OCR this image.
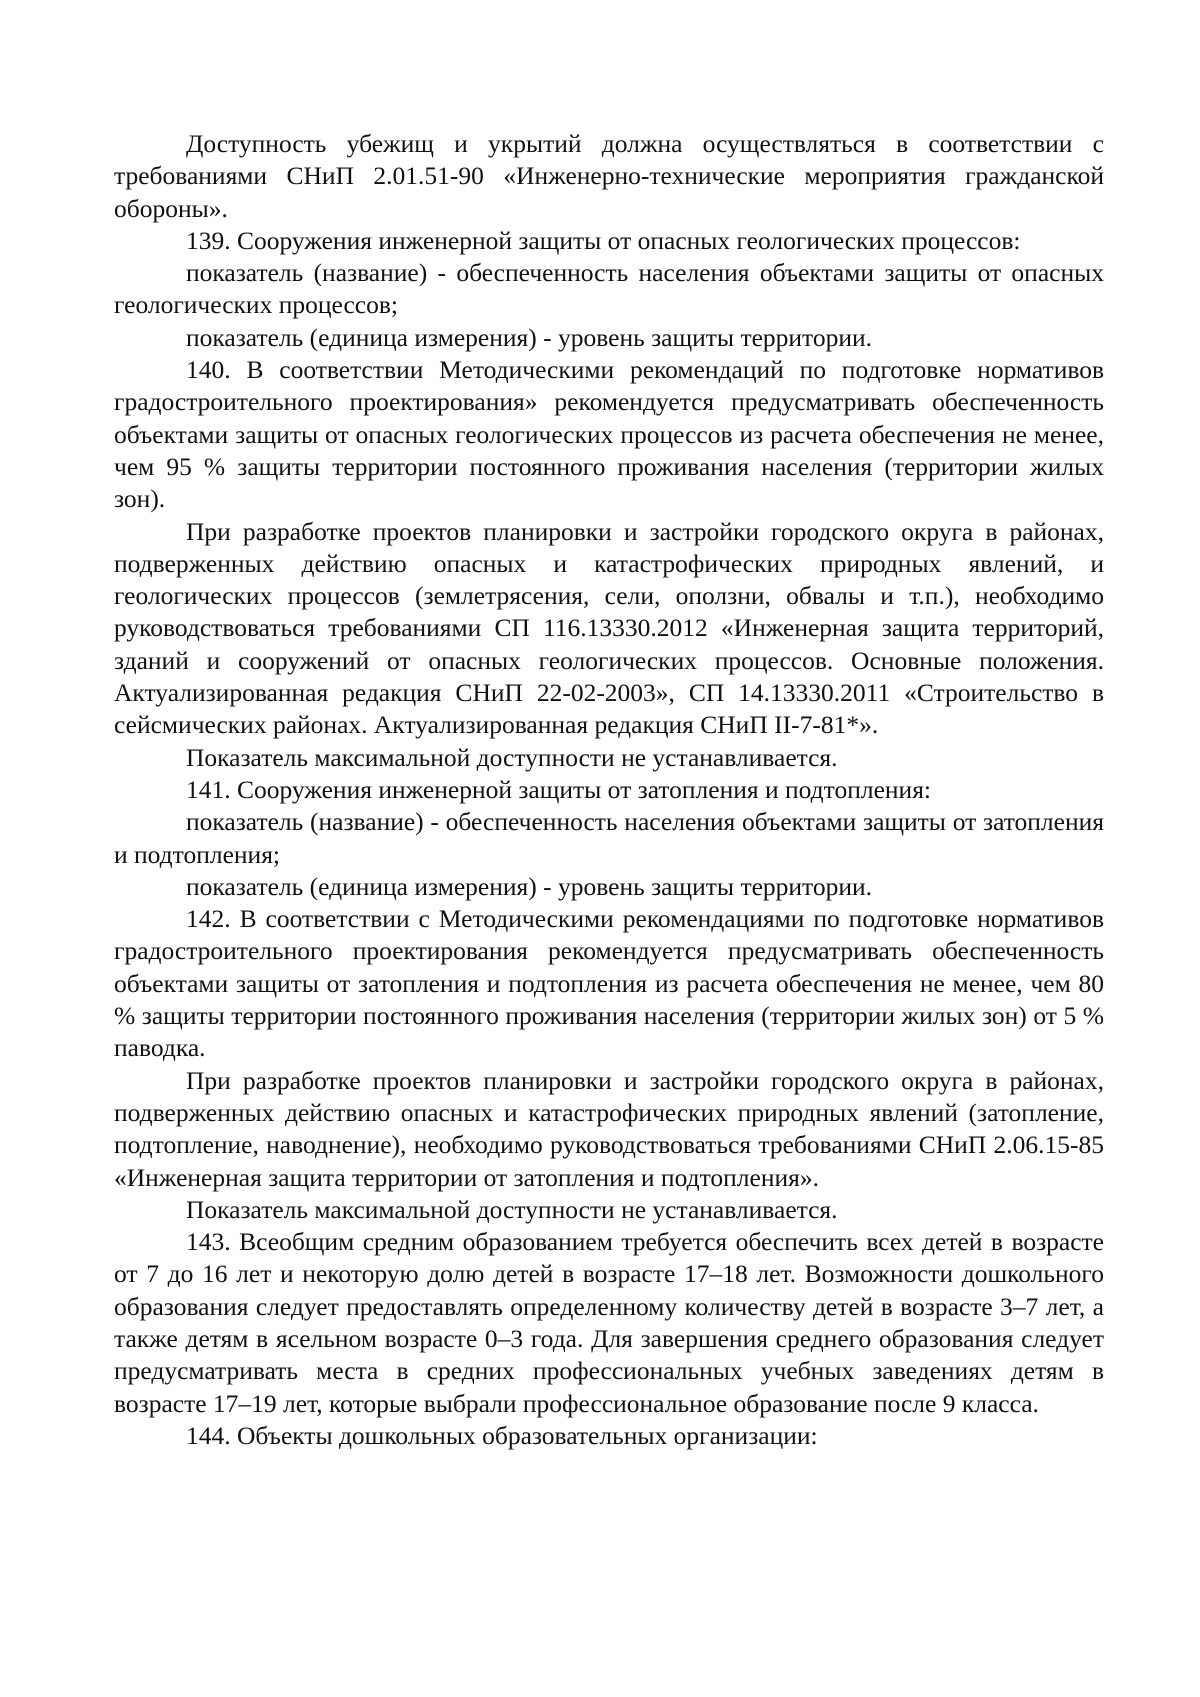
Доступность убежищ и укрытий должна осуществляться в соответствии с требованиями СНиП 2.01.51-90 «Инженерно-технические мероприятия гражданской обороны».

139. Сооружения инженерной защиты от опасных геологических процессов:

показатель (название) - обеспеченность населения объектами защиты от опасных геологических процессов;

показатель (единица измерения) - уровень защиты территории.

140. В соответствии Методическими рекомендаций по подготовке нормативов градостроительного проектирования» рекомендуется предусматривать обеспеченность объектами защиты от опасных геологических процессов из расчета обеспечения не менее, чем 95 % защиты территории постоянного проживания населения (территории жилых зон).

При разработке проектов планировки и застройки городского округа в районах, подверженных действию опасных и катастрофических природных явлений, и геологических процессов (землетрясения, сели, оползни, обвалы и т.п.), необходимо руководствоваться требованиями СП 116.13330.2012 «Инженерная защита территорий, зданий и сооружений от опасных геологических процессов. Основные положения. Актуализированная редакция СНиП 22-02-2003», СП 14.13330.2011 «Строительство в сейсмических районах. Актуализированная редакция СНиП II-7-81*».

Показатель максимальной доступности не устанавливается.

141. Сооружения инженерной защиты от затопления и подтопления:

показатель (название) - обеспеченность населения объектами защиты от затопления и подтопления;

показатель (единица измерения) - уровень защиты территории.

142. В соответствии с Методическими рекомендациями по подготовке нормативов градостроительного проектирования рекомендуется предусматривать обеспеченность объектами защиты от затопления и подтопления из расчета обеспечения не менее, чем 80 % защиты территории постоянного проживания населения (территории жилых зон) от 5 % паводка.

При разработке проектов планировки и застройки городского округа в районах, подверженных действию опасных и катастрофических природных явлений (затопление, подтопление, наводнение), необходимо руководствоваться требованиями СНиП 2.06.15-85 «Инженерная защита территории от затопления и подтопления».

Показатель максимальной доступности не устанавливается.

143. Всеобщим средним образованием требуется обеспечить всех детей в возрасте от 7 до 16 лет и некоторую долю детей в возрасте 17–18 лет. Возможности дошкольного образования следует предоставлять определенному количеству детей в возрасте 3–7 лет, а также детям в ясельном возрасте 0–3 года. Для завершения среднего образования следует предусматривать места в средних профессиональных учебных заведениях детям в возрасте 17–19 лет, которые выбрали профессиональное образование после 9 класса.

144. Объекты дошкольных образовательных организации:
